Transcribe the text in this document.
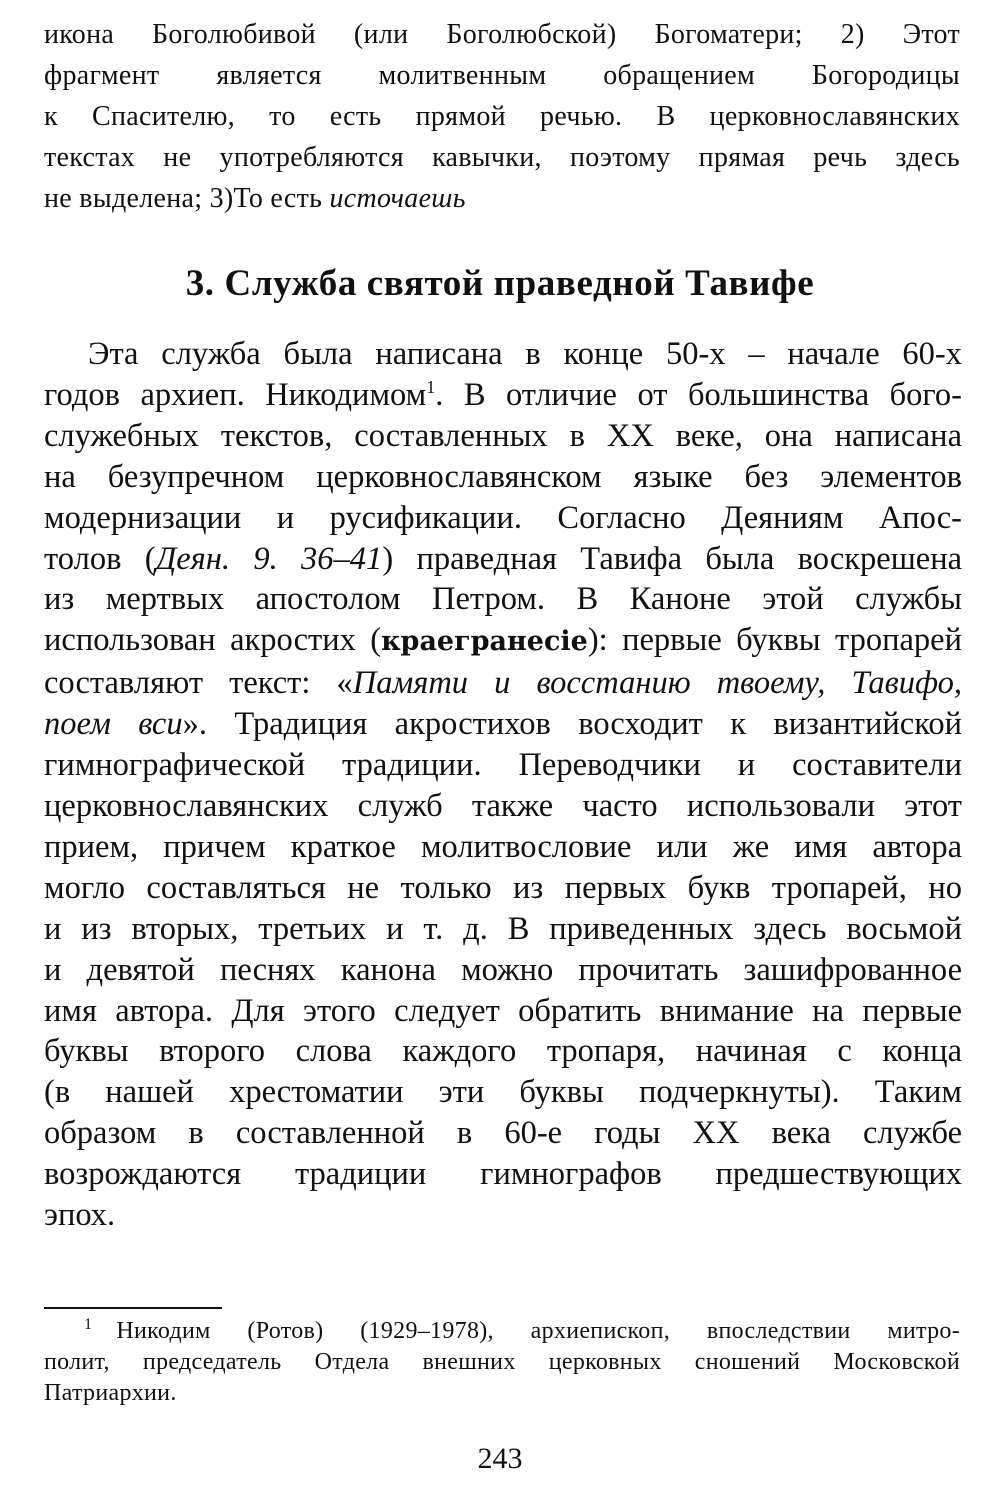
икона Боголюбивой (или Боголюбской) Богоматери; 2) Этот
фрагмент является молитвенным обращением Богородицы
к Спасителю, то есть прямой речью. В церковнославянских
текстах не употребляются кавычки, поэтому прямая речь здесь
не выделена; 3)То есть источаешь
3. Служба святой праведной Тавифе
Эта служба была написана в конце 50-х – начале 60-х
годов архиеп. Никодимом$^1$. В отличие от большинства бого-
служебных текстов, составленных в XX веке, она написана
на безупречном церковнославянском языке без элементов
модернизации и русификации. Согласно Деяниям Апос-
толов (Деян. 9. 36–41) праведная Тавифа была воскрешена
из мертвых апостолом Петром. В Каноне этой службы
использован акростих (краегранесіе): первые буквы тропарей
составляют текст: «Памяти и восстанию твоему, Тавифо,
поем вси». Традиция акростихов восходит к византийской
гимнографической традиции. Переводчики и составители
церковнославянских служб также часто использовали этот
прием, причем краткое молитвословие или же имя автора
могло составляться не только из первых букв тропарей, но
и из вторых, третьих и т. д. В приведенных здесь восьмой
и девятой песнях канона можно прочитать зашифрованное
имя автора. Для этого следует обратить внимание на первые
буквы второго слова каждого тропаря, начиная с конца
(в нашей хрестоматии эти буквы подчеркнуты). Таким
образом в составленной в 60-е годы XX века службе
возрождаются традиции гимнографов предшествующих
эпох.
$^1$ Никодим (Ротов) (1929–1978), архиепископ, впоследствии митро-
полит, председатель Отдела внешних церковных сношений Московской
Патриархии.
243
